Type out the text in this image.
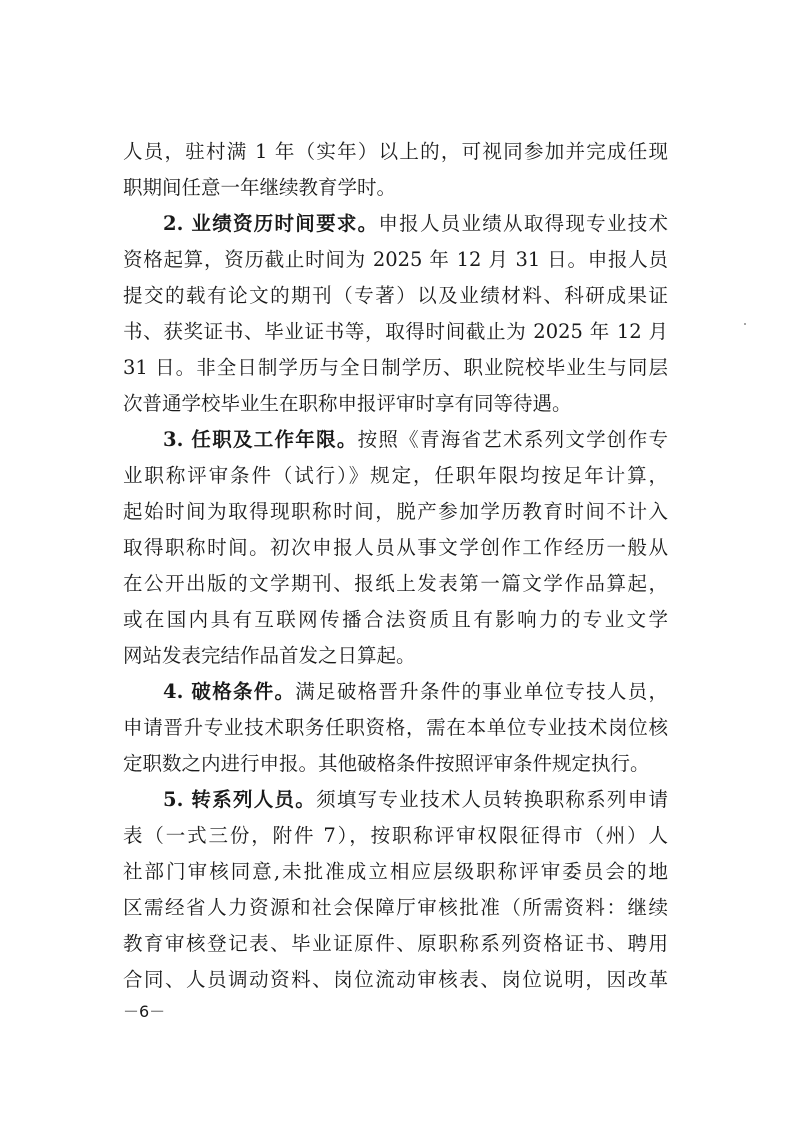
人员，驻村满 1 年（实年）以上的，可视同参加并完成任现
职期间任意一年继续教育学时。
2. 业绩资历时间要求。申报人员业绩从取得现专业技术
资格起算，资历截止时间为 2025 年 12 月 31 日。申报人员
提交的载有论文的期刊（专著）以及业绩材料、科研成果证
书、获奖证书、毕业证书等，取得时间截止为 2025 年 12 月
31 日。非全日制学历与全日制学历、职业院校毕业生与同层
次普通学校毕业生在职称申报评审时享有同等待遇。
3. 任职及工作年限。按照《青海省艺术系列文学创作专
业职称评审条件（试行）》规定，任职年限均按足年计算，
起始时间为取得现职称时间，脱产参加学历教育时间不计入
取得职称时间。初次申报人员从事文学创作工作经历一般从
在公开出版的文学期刊、报纸上发表第一篇文学作品算起，
或在国内具有互联网传播合法资质且有影响力的专业文学
网站发表完结作品首发之日算起。
4. 破格条件。满足破格晋升条件的事业单位专技人员，
申请晋升专业技术职务任职资格，需在本单位专业技术岗位核
定职数之内进行申报。其他破格条件按照评审条件规定执行。
5. 转系列人员。须填写专业技术人员转换职称系列申请
表（一式三份，附件 7），按职称评审权限征得市（州）人
社部门审核同意,未批准成立相应层级职称评审委员会的地
区需经省人力资源和社会保障厅审核批准（所需资料：继续
教育审核登记表、毕业证原件、原职称系列资格证书、聘用
合同、人员调动资料、岗位流动审核表、岗位说明，因改革
－6－
